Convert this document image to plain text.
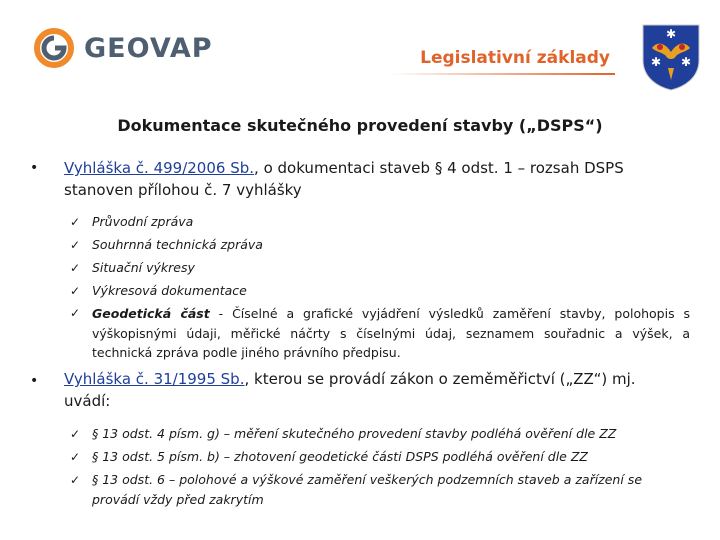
GEOVAP	Legislativní základy
✱
✱ ✱
Dokumentace skutečného provedení stavby („DSPS“)
• Vyhláška č. 499/2006 Sb., o dokumentaci staveb § 4 odst. 1 – rozsah DSPS stanoven přílohou č. 7 vyhlášky
✓ Průvodní zpráva
✓ Souhrnná technická zpráva
✓ Situační výkresy
✓ Výkresová dokumentace
✓ Geodetická část - Číselné a grafické vyjádření výsledků zaměření stavby, polohopis s výškopisnými údaji, měřické náčrty s číselnými údaj, seznamem souřadnic a výšek, a technická zpráva podle jiného právního předpisu.
• Vyhláška č. 31/1995 Sb., kterou se provádí zákon o zeměměřictví („ZZ“) mj. uvádí:
✓ § 13 odst. 4 písm. g) – měření skutečného provedení stavby podléhá ověření dle ZZ
✓ § 13 odst. 5 písm. b) – zhotovení geodetické části DSPS podléhá ověření dle ZZ
✓ § 13 odst. 6 – polohové a výškové zaměření veškerých podzemních staveb a zařízení se provádí vždy před zakrytím
